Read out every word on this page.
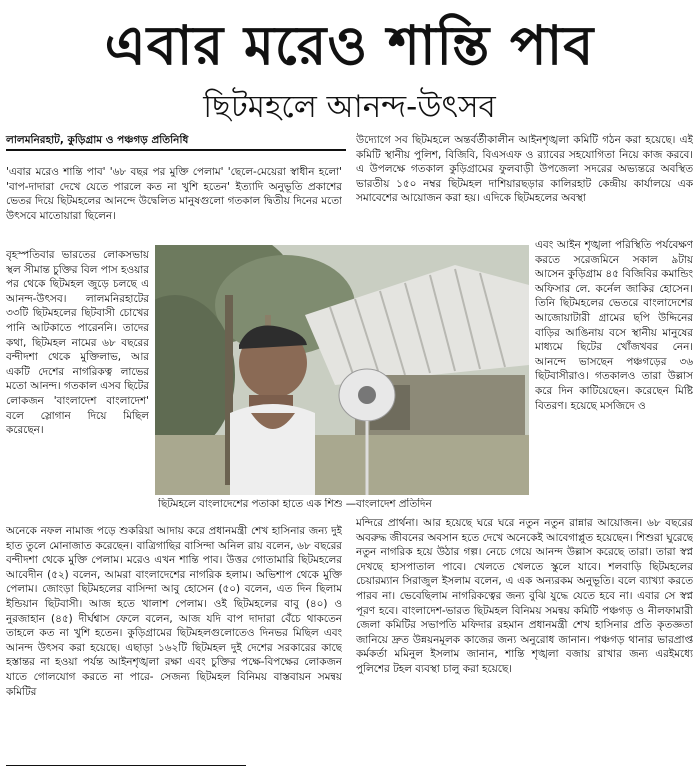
এবার মরেও শান্তি পাব
ছিটমহলে আনন্দ-উৎসব
লালমনিরহাট, কুড়িগ্রাম ও পঞ্চগড় প্রতিনিধি
'এবার মরেও শান্তি পাব' '৬৮ বছর পর মুক্তি পেলাম' 'ছেলে-মেয়েরা স্বাধীন হলো' 'বাপ-দাদারা দেখে যেতে পারলে কত না খুশি হতেন' ইত্যাদি অনুভূতি প্রকাশের ভেতর দিয়ে ছিটমহলের আনন্দে উদ্বেলিত মানুষগুলো গতকাল দ্বিতীয় দিনের মতো উৎসবে মাতোয়ারা ছিলেন।
বৃহস্পতিবার ভারতের লোকসভায় স্থল সীমান্ত চুক্তির বিল পাস হওয়ার পর থেকে ছিটমহল জুড়ে চলছে এ আনন্দ-উৎসব। লালমনিরহাটের ৩৩টি ছিটমহলের ছিটবাসী চোখের পানি আটকাতে পারেননি। তাদের কথা, ছিটমহল নামের ৬৮ বছরের বন্দীদশা থেকে মুক্তিলাভ, আর একটি দেশের নাগরিকত্ব লাভের মতো আনন্দ। গতকাল এসব ছিটের লোকজন 'বাংলাদেশ বাংলাদেশ' বলে স্লোগান দিয়ে মিছিল করেছেন।
অনেকে নফল নামাজ পড়ে শুকরিয়া আদায় করে প্রধানমন্ত্রী শেখ হাসিনার জন্য দুই হাত তুলে মোনাজাত করেছেন। বাত্রিগাছির বাসিন্দা অনিল রায় বলেন, ৬৮ বছরের বন্দীদশা থেকে মুক্তি পেলাম। মরেও এখন শান্তি পাব। উত্তর গোতামারি ছিটমহলের আবেদীন (৫২) বলেন, আমরা বাংলাদেশের নাগরিক হলাম। অভিশাপ থেকে মুক্তি পেলাম। জোংড়া ছিটমহলের বাসিন্দা আবু হোসেন (৫০) বলেন, এত দিন ছিলাম ইন্ডিয়ান ছিটবাসী। আজ হতে খালাশ পেলাম। ওই ছিটমহলের বাবু (৪০) ও নুরজাহান (৪৫) দীর্ঘশ্বাস ফেলে বলেন, আজ যদি বাপ দাদারা বেঁচে থাকতেন তাহলে কত না খুশি হতেন। কুড়িগ্রামের ছিটমহলগুলোতেও দিনভর মিছিল এবং আনন্দ উৎসব করা হয়েছে। এছাড়া ১৬২টি ছিটমহল দুই দেশের সরকারের কাছে হস্তান্তর না হওয়া পর্যন্ত আইনশৃঙ্খলা রক্ষা এবং চুক্তির পক্ষে-বিপক্ষের লোকজন যাতে গোলযোগ করতে না পারে- সেজন্য ছিটমহল বিনিময় বাস্তবায়ন সমন্বয় কমিটির
উদ্যোগে সব ছিটমহলে অন্তর্বর্তীকালীন আইনশৃঙ্খলা কমিটি গঠন করা হয়েছে। এই কমিটি স্থানীয় পুলিশ, বিজিবি, বিএসএফ ও র‌্যাবের সহযোগিতা নিয়ে কাজ করবে। এ উপলক্ষে গতকাল কুড়িগ্রামের ফুলবাড়ী উপজেলা সদরের অভ্যন্তরে অবস্থিত ভারতীয় ১৫০ নম্বর ছিটমহল দাশিয়ারছড়ার কালিরহাট কেন্দ্রীয় কার্যালয়ে এক সমাবেশের আয়োজন করা হয়। এদিকে ছিটমহলের অবস্থা
এবং আইন শৃঙ্খলা পরিস্থিতি পর্যবেক্ষণ করতে সরেজমিনে সকাল ৯টায় আসেন কুড়িগ্রাম ৪৫ বিজিবির কমান্ডিং অফিসার লে. কর্নেল জাকির হোসেন। তিনি ছিটমহলের ভেতরে বাংলাদেশের আজোয়াটারী গ্রামের ছপি উদ্দিনের বাড়ির আঙিনায় বসে স্থানীয় মানুষের মাধ্যমে ছিটের খোঁজখবর নেন। আনন্দে ভাসছেন পঞ্চগড়ের ৩৬ ছিটবাসীরাও। গতকালও তারা উল্লাস করে দিন কাটিয়েছেন। করেছেন মিষ্টি বিতরণ। হয়েছে মসজিদে ও
মন্দিরে প্রার্থনা। আর হয়েছে ঘরে ঘরে নতুন নতুন রান্নার আয়োজন। ৬৮ বছরের অবরুদ্ধ জীবনের অবসান হতে দেখে অনেকেই আবেগাপ্লুত হয়েছেন। শিশুরা ঘুরেছে নতুন নাগরিক হয়ে উঠার গল্প। নেচে গেয়ে আনন্দ উল্লাস করেছে তারা। তারা স্বপ্ন দেখছে হাসপাতাল পাবে। খেলতে খেলতে স্কুলে যাবে। শলবাড়ি ছিটমহলের চেয়ারম্যান সিরাজুল ইসলাম বলেন, এ এক অন্যরকম অনুভূতি। বলে ব্যাখ্যা করতে পারব না। ভেবেছিলাম নাগরিকত্বের জন্য বুঝি যুদ্ধে যেতে হবে না। এবার সে স্বপ্ন পূরণ হবে। বাংলাদেশ-ভারত ছিটমহল বিনিময় সমন্বয় কমিটি পঞ্চগড় ও নীলফামারী জেলা কমিটির সভাপতি মফিদার রহমান প্রধানমন্ত্রী শেখ হাসিনার প্রতি কৃতজ্ঞতা জানিয়ে দ্রুত উন্নয়নমূলক কাজের জন্য অনুরোধ জানান। পঞ্চগড় থানার ভারপ্রাপ্ত কর্মকর্তা মমিনুল ইসলাম জানান, শান্তি শৃঙ্খলা বজায় রাখার জন্য এরইমধ্যে পুলিশের টহল ব্যবস্থা চালু করা হয়েছে।
ছিটমহলে বাংলাদেশের পতাকা হাতে এক শিশু —বাংলাদেশ প্রতিদিন
